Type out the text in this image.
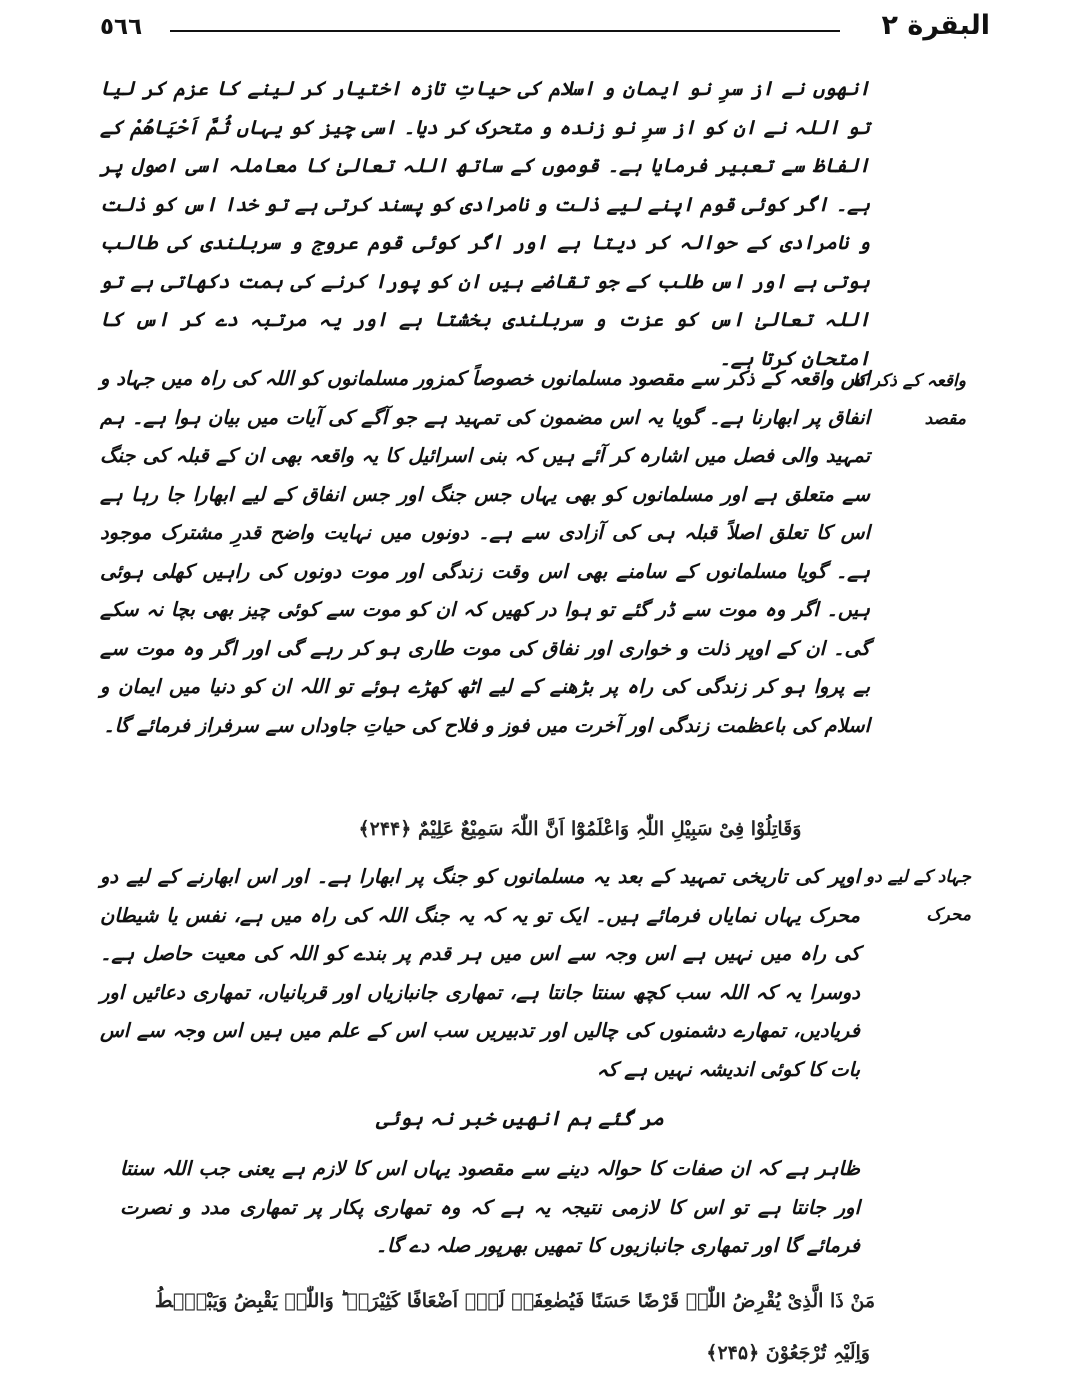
البقرة ٢
٥٦٦
انھوں نے از سرِ نو ایمان و اسلام کی حیاتِ تازہ اختیار کر لینے کا عزم کر لیا تو اللہ نے ان کو از سرِ نو زندہ و متحرک کر دیا۔ اسی چیز کو یہاں ثُمَّ اَحْیَاھُمْ کے الفاظ سے تعبیر فرمایا ہے۔ قوموں کے ساتھ اللہ تعالیٰ کا معاملہ اسی اصول پر ہے۔ اگر کوئی قوم اپنے لیے ذلت و نامرادی کو پسند کرتی ہے تو خدا اس کو ذلت و نامرادی کے حوالہ کر دیتا ہے اور اگر کوئی قوم عروج و سربلندی کی طالب ہوتی ہے اور اس طلب کے جو تقاضے ہیں ان کو پورا کرنے کی ہمت دکھاتی ہے تو اللہ تعالیٰ اس کو عزت و سربلندی بخشتا ہے اور یہ مرتبہ دے کر اس کا امتحان کرتا ہے۔
واقعہ کے ذکر کا مقصد
اس واقعہ کے ذکر سے مقصود مسلمانوں خصوصاً کمزور مسلمانوں کو اللہ کی راہ میں جہاد و انفاق پر ابھارنا ہے۔ گویا یہ اس مضمون کی تمہید ہے جو آگے کی آیات میں بیان ہوا ہے۔ ہم تمہید والی فصل میں اشارہ کر آئے ہیں کہ بنی اسرائیل کا یہ واقعہ بھی ان کے قبلہ کی جنگ سے متعلق ہے اور مسلمانوں کو بھی یہاں جس جنگ اور جس انفاق کے لیے ابھارا جا رہا ہے اس کا تعلق اصلاً قبلہ ہی کی آزادی سے ہے۔ دونوں میں نہایت واضح قدرِ مشترک موجود ہے۔ گویا مسلمانوں کے سامنے بھی اس وقت زندگی اور موت دونوں کی راہیں کھلی ہوئی ہیں۔ اگر وہ موت سے ڈر گئے تو ہوا در کھیں کہ ان کو موت سے کوئی چیز بھی بچا نہ سکے گی۔ ان کے اوپر ذلت و خواری اور نفاق کی موت طاری ہو کر رہے گی اور اگر وہ موت سے بے پروا ہو کر زندگی کی راہ پر بڑھنے کے لیے اٹھ کھڑے ہوئے تو اللہ ان کو دنیا میں ایمان و اسلام کی باعظمت زندگی اور آخرت میں فوز و فلاح کی حیاتِ جاوداں سے سرفراز فرمائے گا۔
وَقَاتِلُوْا فِیْ سَبِیْلِ اللّٰہِ وَاعْلَمُوْٓا اَنَّ اللّٰہَ سَمِیْعٌ عَلِیْمٌ ﴿۲۴۴﴾
جہاد کے لیے دو محرک
اوپر کی تاریخی تمہید کے بعد یہ مسلمانوں کو جنگ پر ابھارا ہے۔ اور اس ابھارنے کے لیے دو محرک یہاں نمایاں فرمائے ہیں۔ ایک تو یہ کہ یہ جنگ اللہ کی راہ میں ہے، نفس یا شیطان کی راہ میں نہیں ہے اس وجہ سے اس میں ہر قدم پر بندے کو اللہ کی معیت حاصل ہے۔ دوسرا یہ کہ اللہ سب کچھ سنتا جانتا ہے، تمھاری جانبازیاں اور قربانیاں، تمھاری دعائیں اور فریادیں، تمھارے دشمنوں کی چالیں اور تدبیریں سب اس کے علم میں ہیں اس وجہ سے اس بات کا کوئی اندیشہ نہیں ہے کہ
مر گئے ہم انھیں خبر نہ ہوئی
ظاہر ہے کہ ان صفات کا حوالہ دینے سے مقصود یہاں اس کا لازم ہے یعنی جب اللہ سنتا اور جانتا ہے تو اس کا لازمی نتیجہ یہ ہے کہ وہ تمھاری پکار پر تمھاری مدد و نصرت فرمائے گا اور تمھاری جانبازیوں کا تمھیں بھرپور صلہ دے گا۔
مَنْ ذَا الَّذِیْ یُقْرِضُ اللّٰہَ قَرْضًا حَسَنًا فَیُضٰعِفَہٗ لَہٗٓ اَضْعَافًا کَثِیْرَۃً ؕ وَاللّٰہُ یَقْبِضُ وَیَبْصُۜطُ
وَاِلَیْہِ تُرْجَعُوْنَ ﴿۲۴۵﴾
